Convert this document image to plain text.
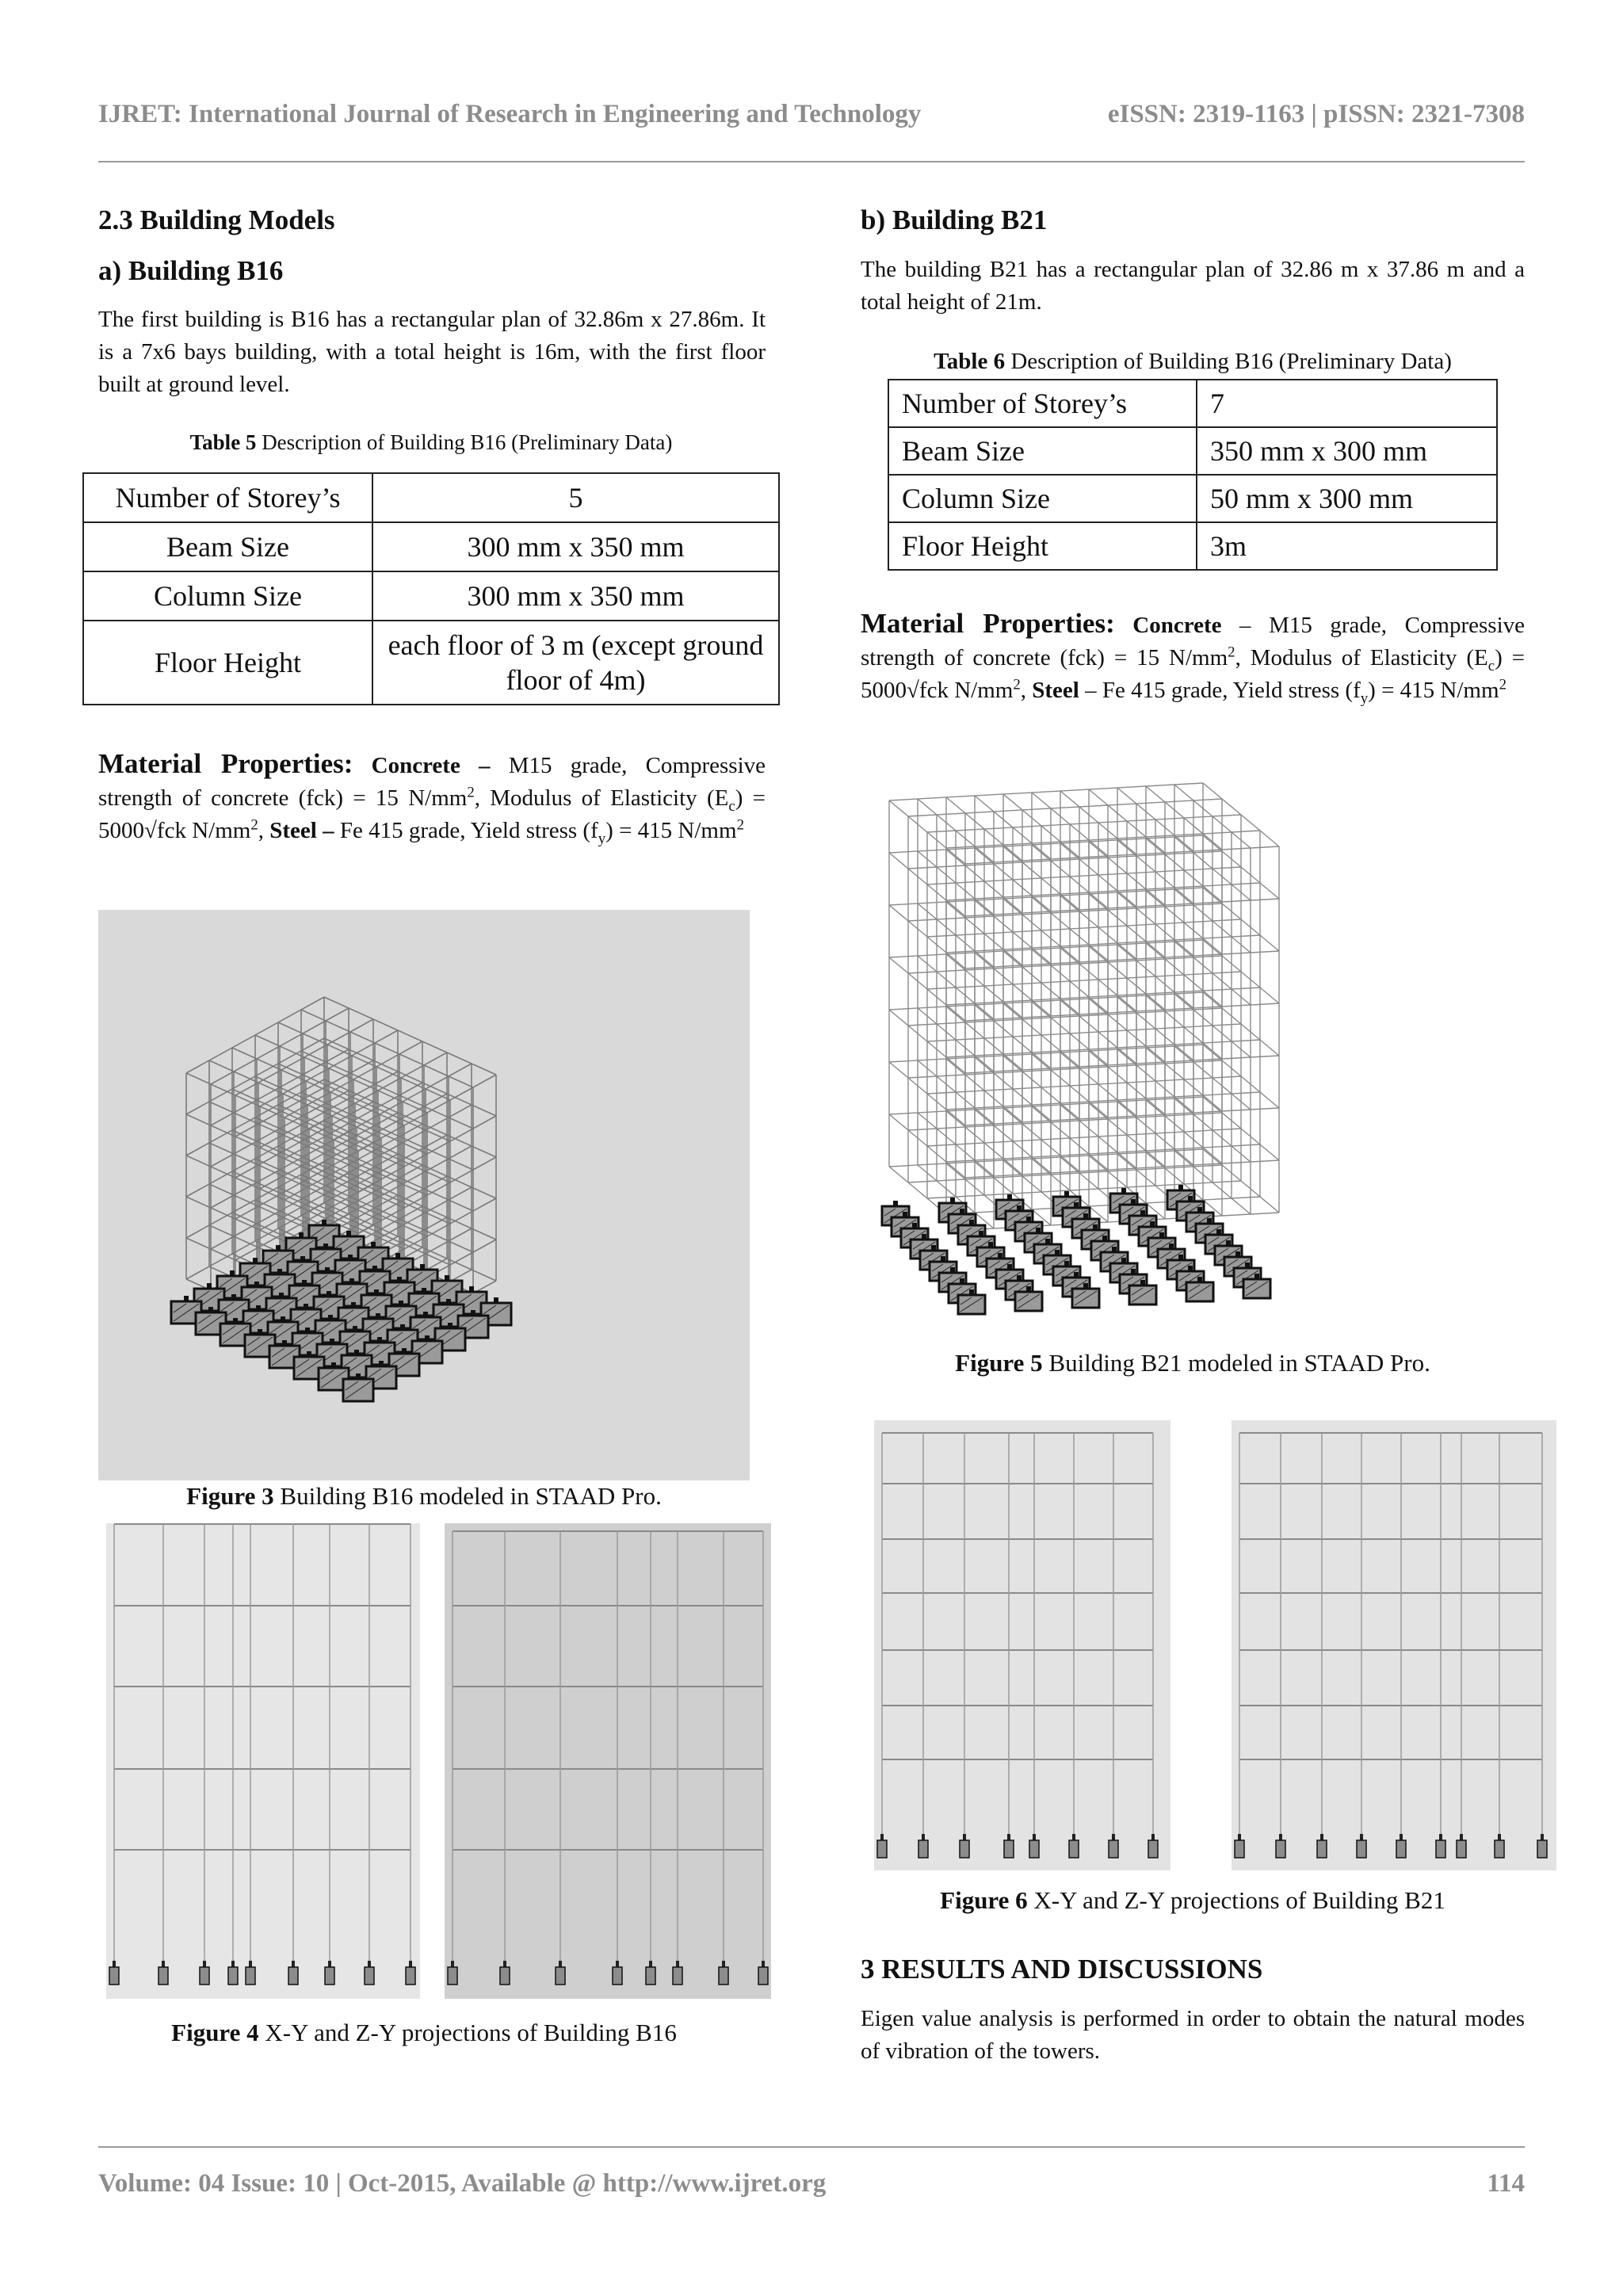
IJRET: International Journal of Research in Engineering and Technology	eISSN: 2319-1163 | pISSN: 2321-7308
2.3 Building Models
a) Building B16
The first building is B16 has a rectangular plan of 32.86m x 27.86m. It is a 7x6 bays building, with a total height is 16m, with the first floor built at ground level.
Table 5 Description of Building B16 (Preliminary Data)
Number of Storey’s	5
Beam Size	300 mm x 350 mm
Column Size	300 mm x 350 mm
Floor Height	each floor of 3 m (except ground floor of 4m)
Material Properties: Concrete – M15 grade, Compressive strength of concrete (fck) = 15 $N/mm^2$, Modulus of Elasticity $(E_c) = 5000√fck$ $N/mm^2$, Steel – Fe 415 grade, Yield stress $(f_y) = 415$ $N/mm^2$
Figure 3 Building B16 modeled in STAAD Pro.
Figure 4 X-Y and Z-Y projections of Building B16
b) Building B21
The building B21 has a rectangular plan of 32.86 m x 37.86 m and a total height of 21m.
Table 6 Description of Building B16 (Preliminary Data)
Number of Storey’s	7
Beam Size	350 mm x 300 mm
Column Size	50 mm x 300 mm
Floor Height	3m
Material Properties: Concrete – M15 grade, Compressive strength of concrete (fck) = 15 $N/mm^2$, Modulus of Elasticity $(E_c) = 5000√fck$ $N/mm^2$, Steel – Fe 415 grade, Yield stress $(f_y) = 415$ $N/mm^2$
Figure 5 Building B21 modeled in STAAD Pro.
Figure 6 X-Y and Z-Y projections of Building B21
3 RESULTS AND DISCUSSIONS
Eigen value analysis is performed in order to obtain the natural modes of vibration of the towers.
Volume: 04 Issue: 10 | Oct-2015, Available @ http://www.ijret.org	114
